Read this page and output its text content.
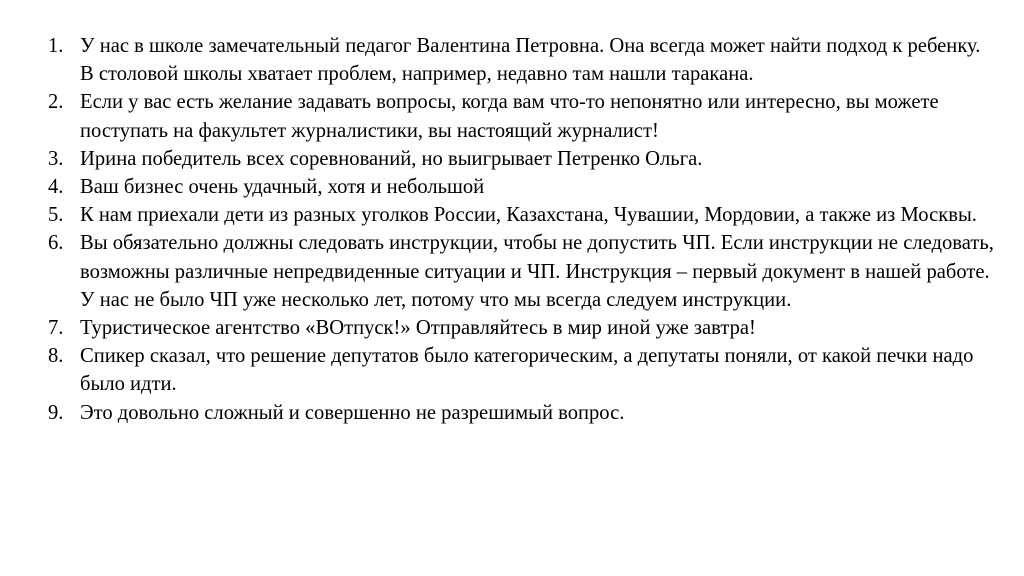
1. У нас в школе замечательный педагог Валентина Петровна. Она всегда может найти подход к ребенку. В столовой школы хватает проблем, например, недавно там нашли таракана.
2. Если у вас есть желание задавать вопросы, когда вам что-то непонятно или интересно, вы можете поступать на факультет журналистики, вы настоящий журналист!
3. Ирина победитель всех соревнований, но выигрывает Петренко Ольга.
4. Ваш бизнес очень удачный, хотя и небольшой
5. К нам приехали дети из разных уголков России, Казахстана, Чувашии, Мордовии, а также из Москвы.
6. Вы обязательно должны следовать инструкции, чтобы не допустить ЧП. Если инструкции не следовать, возможны различные непредвиденные ситуации и ЧП. Инструкция – первый документ в нашей работе. У нас не было ЧП уже несколько лет, потому что мы всегда следуем инструкции.
7. Туристическое агентство «ВОтпуск!» Отправляйтесь в мир иной уже завтра!
8. Спикер сказал, что решение депутатов было категорическим, а депутаты поняли, от какой печки надо было идти.
9. Это довольно сложный и совершенно не разрешимый вопрос.
